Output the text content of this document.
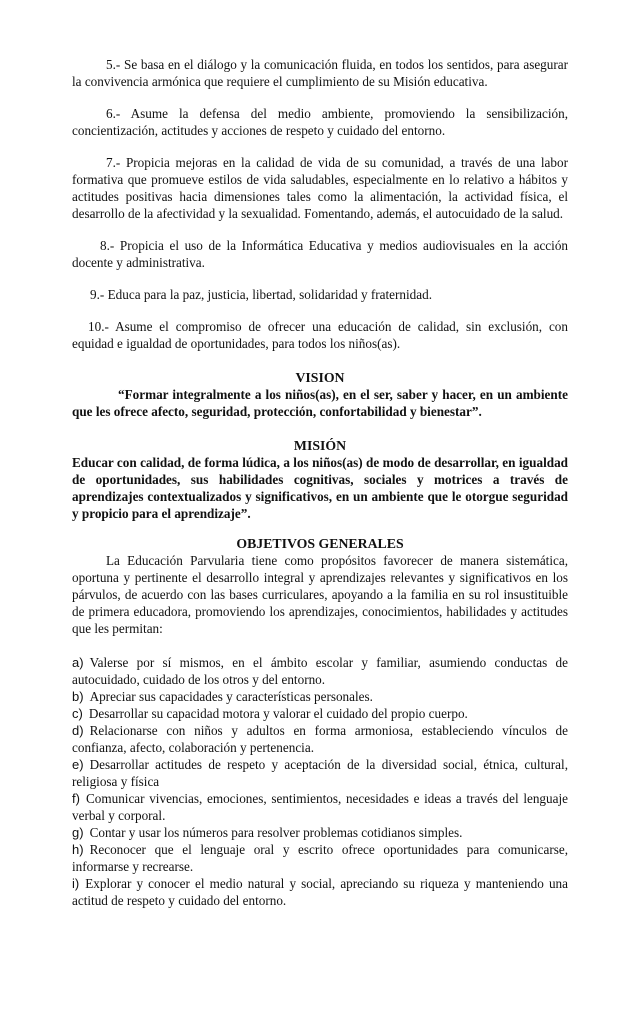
5.- Se basa en el diálogo y la comunicación fluida, en todos los sentidos, para asegurar la convivencia armónica que requiere el cumplimiento de su Misión educativa.

6.- Asume la defensa del medio ambiente, promoviendo la sensibilización, concientización, actitudes y acciones de respeto y cuidado del entorno.

7.- Propicia mejoras en la calidad de vida de su comunidad, a través de una labor formativa que promueve estilos de vida saludables, especialmente en lo relativo a hábitos y actitudes positivas hacia dimensiones tales como la alimentación, la actividad física, el desarrollo de la afectividad y la sexualidad. Fomentando, además, el autocuidado de la salud.

8.- Propicia el uso de la Informática Educativa y medios audiovisuales en la acción docente y administrativa.

9.- Educa para la paz, justicia, libertad, solidaridad y fraternidad.

10.- Asume el compromiso de ofrecer una educación de calidad, sin exclusión, con equidad e igualdad de oportunidades, para todos los niños(as).

VISION

“Formar integralmente a los niños(as), en el ser, saber y hacer, en un ambiente que les ofrece afecto, seguridad, protección, confortabilidad y bienestar”.

MISIÓN

Educar con calidad, de forma lúdica, a los niños(as) de modo de desarrollar, en igualdad de oportunidades, sus habilidades cognitivas, sociales y motrices a través de aprendizajes contextualizados y significativos, en un ambiente que le otorgue seguridad y propicio para el aprendizaje”.

OBJETIVOS GENERALES

La Educación Parvularia tiene como propósitos favorecer de manera sistemática, oportuna y pertinente el desarrollo integral y aprendizajes relevantes y significativos en los párvulos, de acuerdo con las bases curriculares, apoyando a la familia en su rol insustituible de primera educadora, promoviendo los aprendizajes, conocimientos, habilidades y actitudes que les permitan:

a) Valerse por sí mismos, en el ámbito escolar y familiar, asumiendo conductas de autocuidado, cuidado de los otros y del entorno.

b) Apreciar sus capacidades y características personales.

c) Desarrollar su capacidad motora y valorar el cuidado del propio cuerpo.

d) Relacionarse con niños y adultos en forma armoniosa, estableciendo vínculos de confianza, afecto, colaboración y pertenencia.

e) Desarrollar actitudes de respeto y aceptación de la diversidad social, étnica, cultural, religiosa y física

f) Comunicar vivencias, emociones, sentimientos, necesidades e ideas a través del lenguaje verbal y corporal.

g) Contar y usar los números para resolver problemas cotidianos simples.

h) Reconocer que el lenguaje oral y escrito ofrece oportunidades para comunicarse, informarse y recrearse.

i) Explorar y conocer el medio natural y social, apreciando su riqueza y manteniendo una actitud de respeto y cuidado del entorno.
